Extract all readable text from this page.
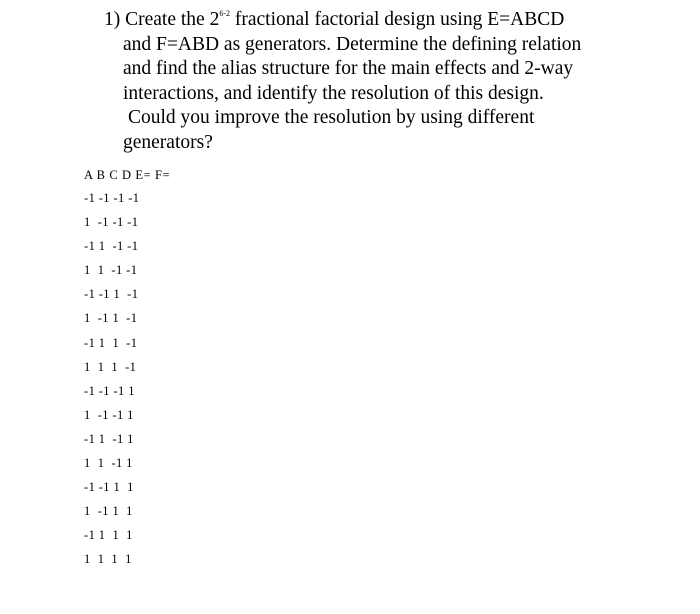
1) Create the 2$^{6-2}$ fractional factorial design using E=ABCD
and F=ABD as generators. Determine the defining relation
and find the alias structure for the main effects and 2-way
interactions, and identify the resolution of this design.
Could you improve the resolution by using different
generators?
A B C D E= F=
-1 -1 -1 -1
1  -1 -1 -1
-1 1  -1 -1
1  1  -1 -1
-1 -1 1  -1
1  -1 1  -1
-1 1  1  -1
1  1  1  -1
-1 -1 -1 1
1  -1 -1 1
-1 1  -1 1
1  1  -1 1
-1 -1 1  1
1  -1 1  1
-1 1  1  1
1  1  1  1
